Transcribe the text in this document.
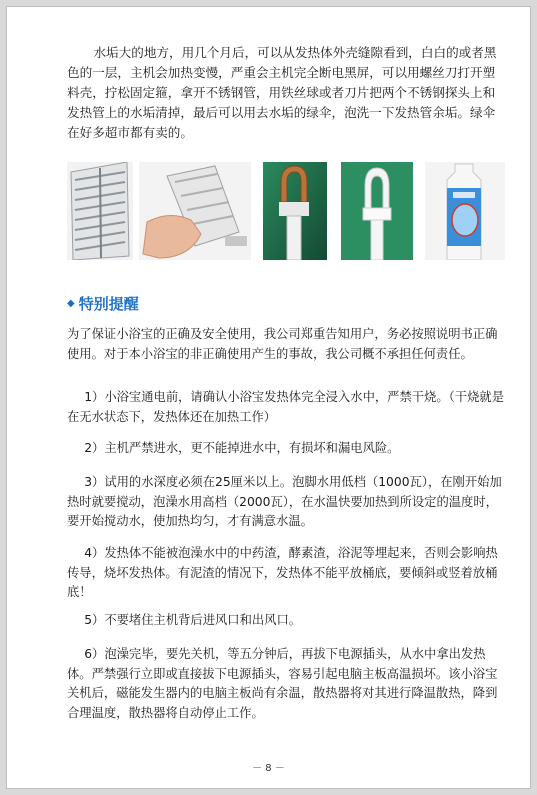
水垢大的地方，用几个月后，可以从发热体外壳缝隙看到，白白的或者黑色的一层，主机会加热变慢，严重会主机完全断电黑屏，可以用螺丝刀打开塑料壳，拧松固定箍，拿开不锈钢管，用铁丝球或者刀片把两个不锈钢探头上和发热管上的水垢清掉，最后可以用去水垢的绿伞，泡洗一下发热管余垢。绿伞在好多超市都有卖的。

◆ 特别提醒

为了保证小浴宝的正确及安全使用，我公司郑重告知用户，务必按照说明书正确使用。对于本小浴宝的非正确使用产生的事故，我公司概不承担任何责任。

1）小浴宝通电前，请确认小浴宝发热体完全浸入水中，严禁干烧。（干烧就是在无水状态下，发热体还在加热工作）

2）主机严禁进水，更不能掉进水中，有损坏和漏电风险。

3）试用的水深度必须在25厘米以上。泡脚水用低档（1000瓦），在刚开始加热时就要搅动，泡澡水用高档（2000瓦），在水温快要加热到所设定的温度时，要开始搅动水，使加热均匀，才有满意水温。

4）发热体不能被泡澡水中的中药渣，酵素渣，浴泥等埋起来，否则会影响热传导，烧坏发热体。有泥渣的情况下，发热体不能平放桶底，要倾斜或竖着放桶底！

5）不要堵住主机背后进风口和出风口。

6）泡澡完毕，要先关机，等五分钟后，再拔下电源插头，从水中拿出发热体。严禁强行立即或直接拔下电源插头，容易引起电脑主板高温损坏。该小浴宝关机后，磁能发生器内的电脑主板尚有余温，散热器将对其进行降温散热，降到合理温度，散热器将自动停止工作。

－ 8 －
